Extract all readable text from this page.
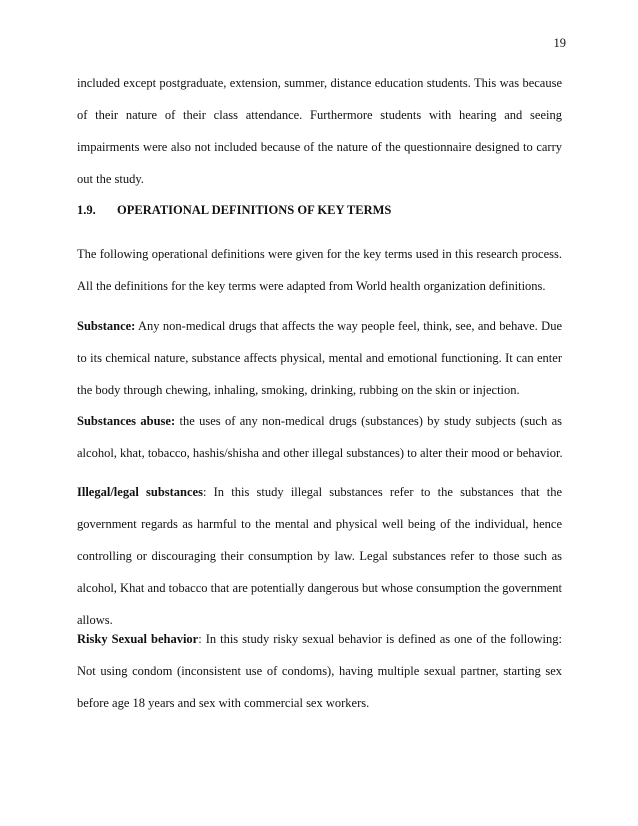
19
included except postgraduate, extension, summer, distance education students. This was because
of their nature of their class attendance. Furthermore students with hearing and seeing
impairments were also not included because of the nature of the questionnaire designed to carry
out the study.
1.9. OPERATIONAL DEFINITIONS OF KEY TERMS
The following operational definitions were given for the key terms used in this research process.
All the definitions for the key terms were adapted from World health organization definitions.
Substance: Any non-medical drugs that affects the way people feel, think, see, and behave. Due
to its chemical nature, substance affects physical, mental and emotional functioning. It can enter
the body through chewing, inhaling, smoking, drinking, rubbing on the skin or injection.
Substances abuse: the uses of any non-medical drugs (substances) by study subjects (such as
alcohol, khat, tobacco, hashis/shisha and other illegal substances) to alter their mood or behavior.
Illegal/legal substances: In this study illegal substances refer to the substances that the
government regards as harmful to the mental and physical well being of the individual, hence
controlling or discouraging their consumption by law. Legal substances refer to those such as
alcohol, Khat and tobacco that are potentially dangerous but whose consumption the government
allows.
Risky Sexual behavior: In this study risky sexual behavior is defined as one of the following:
Not using condom (inconsistent use of condoms), having multiple sexual partner, starting sex
before age 18 years and sex with commercial sex workers.
